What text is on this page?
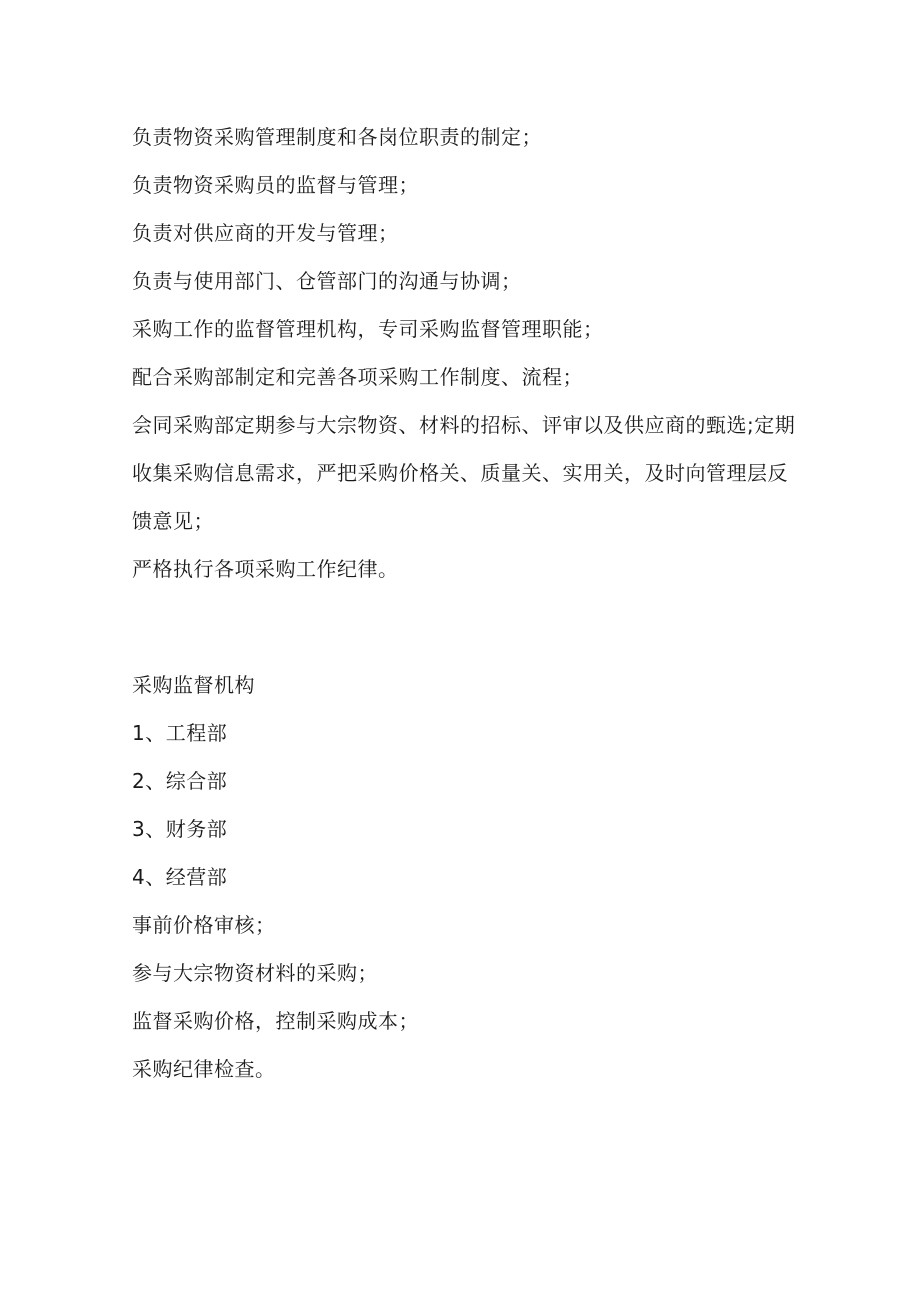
负责物资采购管理制度和各岗位职责的制定；
负责物资采购员的监督与管理；
负责对供应商的开发与管理；
负责与使用部门、仓管部门的沟通与协调；
采购工作的监督管理机构，专司采购监督管理职能；
配合采购部制定和完善各项采购工作制度、流程；
会同采购部定期参与大宗物资、材料的招标、评审以及供应商的甄选;定期收集采购信息需求，严把采购价格关、质量关、实用关，及时向管理层反馈意见；
严格执行各项采购工作纪律。
采购监督机构
1、工程部
2、综合部
3、财务部
4、经营部
事前价格审核；
参与大宗物资材料的采购；
监督采购价格，控制采购成本；
采购纪律检查。
